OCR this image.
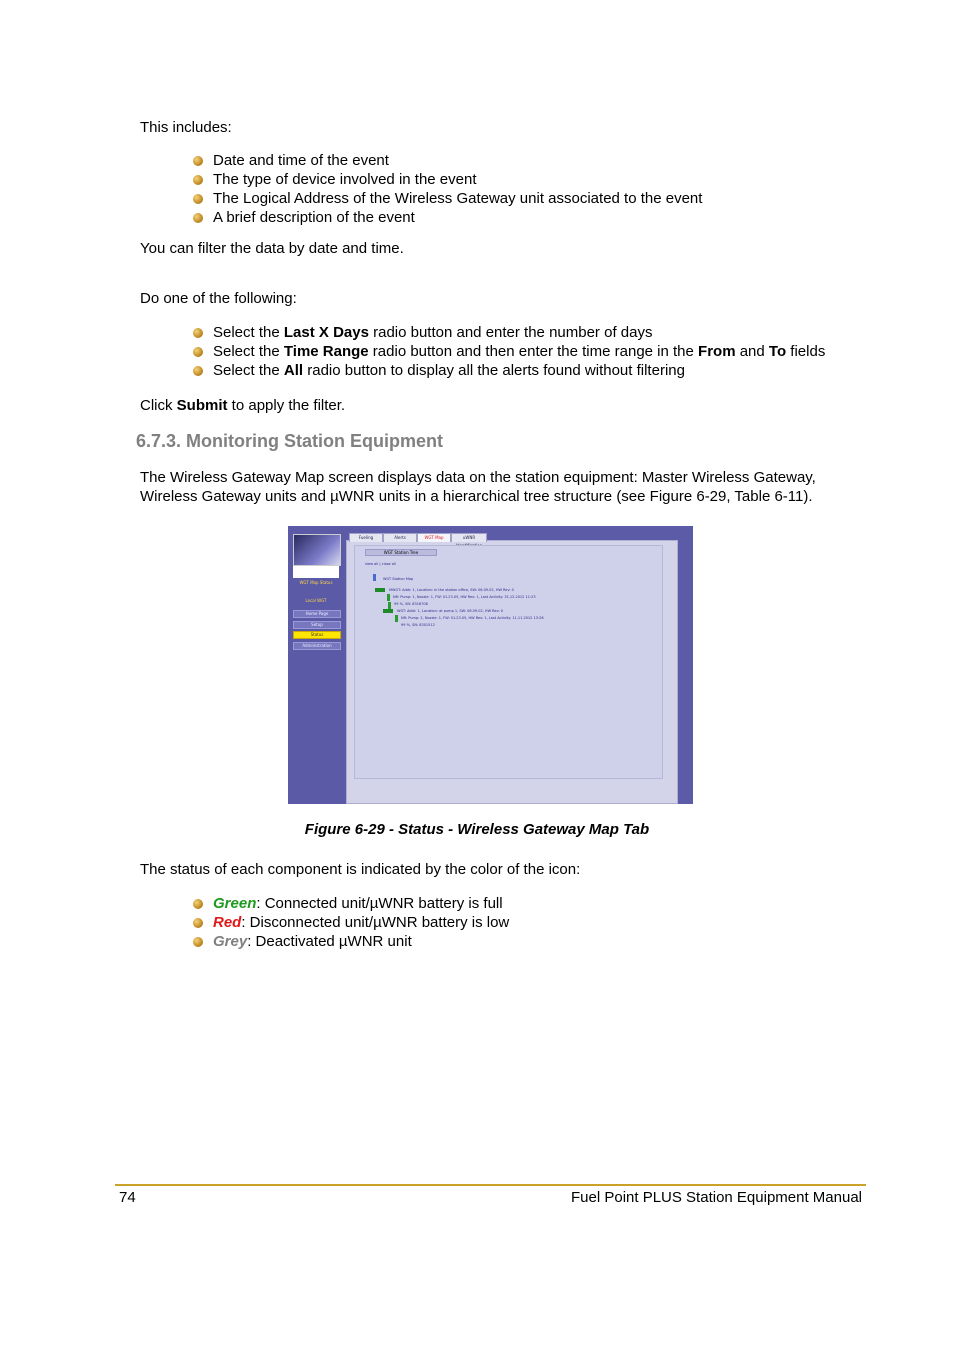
This includes:
Date and time of the event
The type of device involved in the event
The Logical Address of the Wireless Gateway unit associated to the event
A brief description of the event
You can filter the data by date and time.
Do one of the following:
Select the Last X Days radio button and enter the number of days
Select the Time Range radio button and then enter the time range in the From and To fields
Select the All radio button to display all the alerts found without filtering
Click Submit to apply the filter.
6.7.3. Monitoring Station Equipment
The Wireless Gateway Map screen displays data on the station equipment: Master Wireless Gateway,
Wireless Gateway units and µWNR units in a hierarchical tree structure (see Figure 6-29, Table 6-11).
WGT Map Status
Local WGT
Home Page
Setup
Status
Administration
Fueling	Alerts	WGT Map	uWNR
WGT Station Tree
view all | close all
WGT Station Map
MWGT: Addr: 1, Location: in the station office, SW: 06.09.02, HW Rev: 0
NR: Pump: 1, Nozzle: 1, FW: 01.23.05, HW Rev: 1, Last Activity: 31.12.2012 11:23
99 %, SN: 8316706
WGT: Addr: 1, Location: at pump 1, SW: 06.09.02, HW Rev: 0
NR: Pump: 2, Nozzle: 1, FW: 01.23.05, HW Rev: 1, Last Activity: 11.11.2012 13:26
99 %, SN: 8301512
Figure 6-29 - Status - Wireless Gateway Map Tab
The status of each component is indicated by the color of the icon:
Green: Connected unit/µWNR battery is full
Red: Disconnected unit/µWNR battery is low
Grey: Deactivated µWNR unit
74	Fuel Point PLUS Station Equipment Manual
